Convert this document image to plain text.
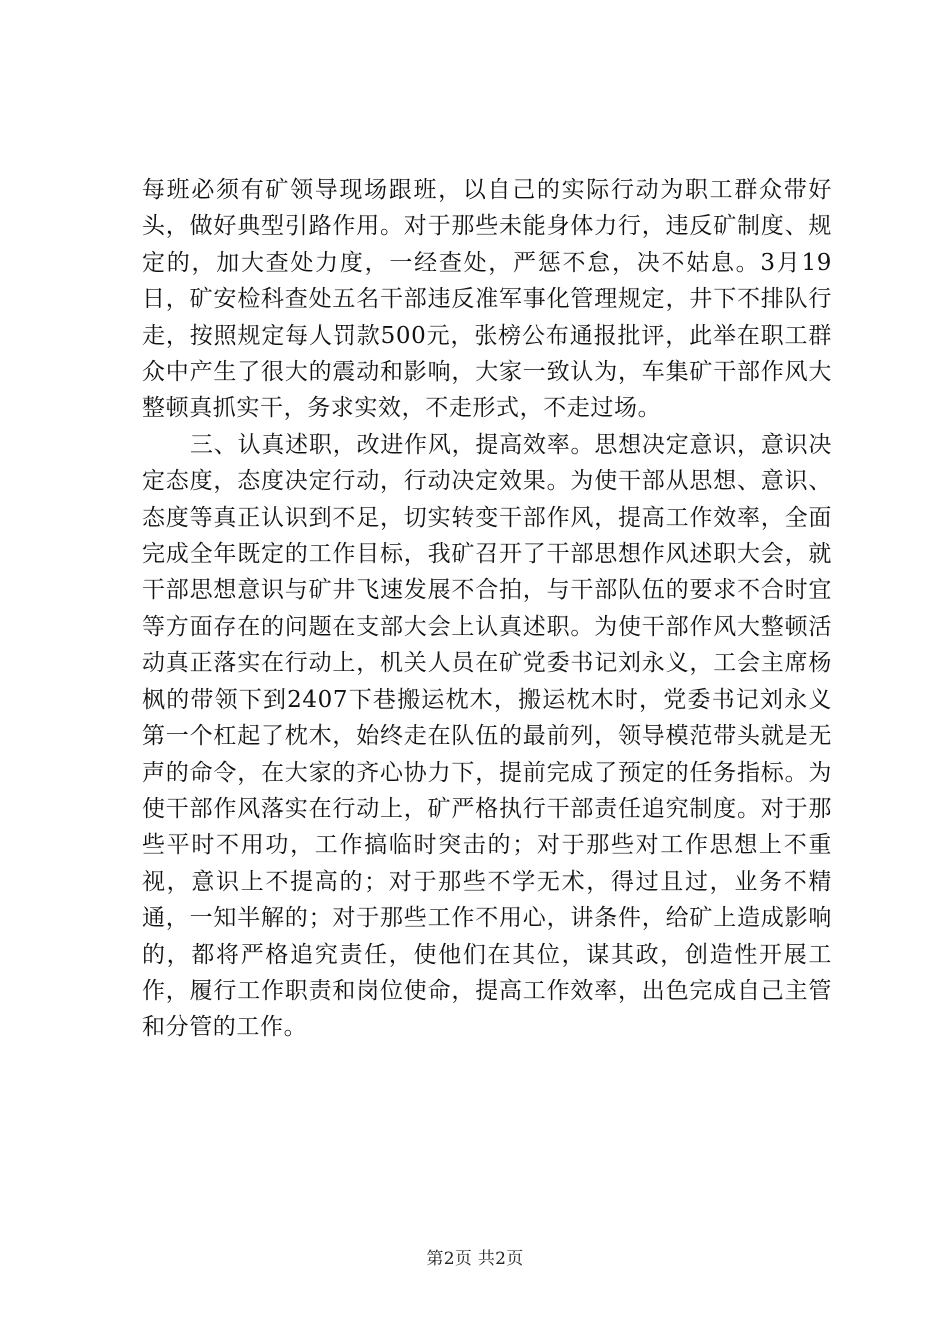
每班必须有矿领导现场跟班，以自己的实际行动为职工群众带好头，做好典型引路作用。对于那些未能身体力行，违反矿制度、规定的，加大查处力度，一经查处，严惩不怠，决不姑息。3月19日，矿安检科查处五名干部违反准军事化管理规定，井下不排队行走，按照规定每人罚款500元，张榜公布通报批评，此举在职工群众中产生了很大的震动和影响，大家一致认为，车集矿干部作风大整顿真抓实干，务求实效，不走形式，不走过场。

三、认真述职，改进作风，提高效率。思想决定意识，意识决定态度，态度决定行动，行动决定效果。为使干部从思想、意识、态度等真正认识到不足，切实转变干部作风，提高工作效率，全面完成全年既定的工作目标，我矿召开了干部思想作风述职大会，就干部思想意识与矿井飞速发展不合拍，与干部队伍的要求不合时宜等方面存在的问题在支部大会上认真述职。为使干部作风大整顿活动真正落实在行动上，机关人员在矿党委书记刘永义，工会主席杨枫的带领下到2407下巷搬运枕木，搬运枕木时，党委书记刘永义第一个杠起了枕木，始终走在队伍的最前列，领导模范带头就是无声的命令，在大家的齐心协力下，提前完成了预定的任务指标。为使干部作风落实在行动上，矿严格执行干部责任追究制度。对于那些平时不用功，工作搞临时突击的；对于那些对工作思想上不重视，意识上不提高的；对于那些不学无术，得过且过，业务不精通，一知半解的；对于那些工作不用心，讲条件，给矿上造成影响的，都将严格追究责任，使他们在其位，谋其政，创造性开展工作，履行工作职责和岗位使命，提高工作效率，出色完成自己主管和分管的工作。

第2页 共2页
